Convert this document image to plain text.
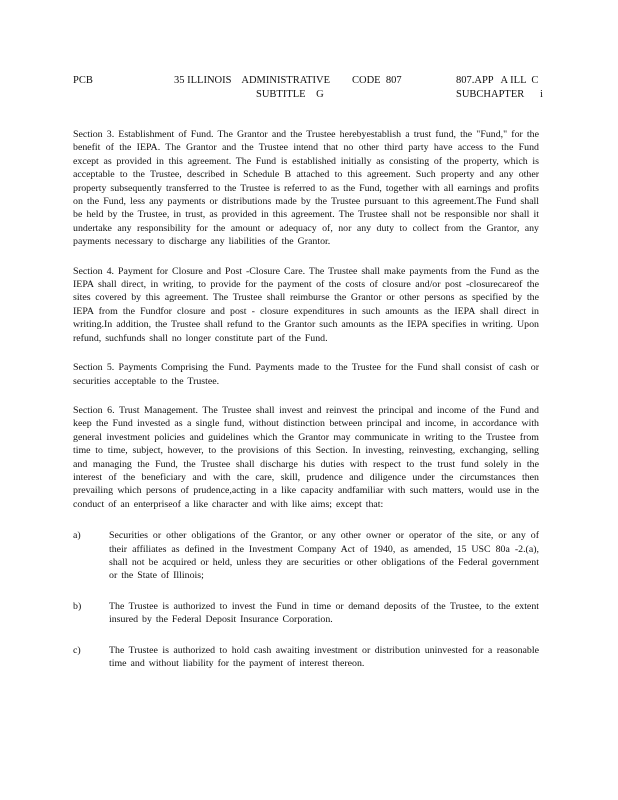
PCB	35 ILLINOIS    ADMINISTRATIVE CODE  807	807.APP   A ILL  C
SUBTITLE    G	SUBCHAPTER      i

Section 3. Establishment of Fund. The Grantor and the Trustee herebyestablish a trust fund, the "Fund," for the benefit of the IEPA. The Grantor and the Trustee intend that no other third party have access to the Fund except as provided in this agreement. The Fund is established initially as consisting of the property, which is acceptable to the Trustee, described in Schedule B attached to this agreement. Such property and any other property subsequently transferred to the Trustee is referred to as the Fund, together with all earnings and profits on the Fund, less any payments or distributions made by the Trustee pursuant to this agreement.The Fund shall be held by the Trustee, in trust, as provided in this agreement. The Trustee shall not be responsible nor shall it undertake any responsibility for the amount or adequacy of, nor any duty to collect from the Grantor, any payments necessary to discharge any liabilities of the Grantor.

Section 4. Payment for Closure and Post -Closure Care. The Trustee shall make payments from the Fund as the IEPA shall direct, in writing, to provide for the payment of the costs of closure and/or post -closurecareof the sites covered by this agreement. The Trustee shall reimburse the Grantor or other persons as specified by the IEPA from the Fundfor closure and post - closure expenditures in such amounts as the IEPA shall direct in writing.In addition, the Trustee shall refund to the Grantor such amounts as the IEPA specifies in writing. Upon refund, suchfunds shall no longer constitute part of the Fund.

Section 5. Payments Comprising the Fund. Payments made to the Trustee for the Fund shall consist of cash or securities acceptable to the Trustee.

Section 6. Trust Management. The Trustee shall invest and reinvest the principal and income of the Fund and keep the Fund invested as a single fund, without distinction between principal and income, in accordance with general investment policies and guidelines which the Grantor may communicate in writing to the Trustee from time to time, subject, however, to the provisions of this Section. In investing, reinvesting, exchanging, selling and managing the Fund, the Trustee shall discharge his duties with respect to the trust fund solely in the interest of the beneficiary and with the care, skill, prudence and diligence under the circumstances then prevailing which persons of prudence,acting in a like capacity andfamiliar with such matters, would use in the conduct of an enterpriseof a like character and with like aims; except that:

a)	Securities or other obligations of the Grantor, or any other owner or operator of the site, or any of their affiliates as defined in the Investment Company Act of 1940, as amended, 15 USC 80a -2.(a), shall not be acquired or held, unless they are securities or other obligations of the Federal government or the State of Illinois;
b)	The Trustee is authorized to invest the Fund in time or demand deposits of the Trustee, to the extent insured by the Federal Deposit Insurance Corporation.
c)	The Trustee is authorized to hold cash awaiting investment or distribution uninvested for a reasonable time and without liability for the payment of interest thereon.
